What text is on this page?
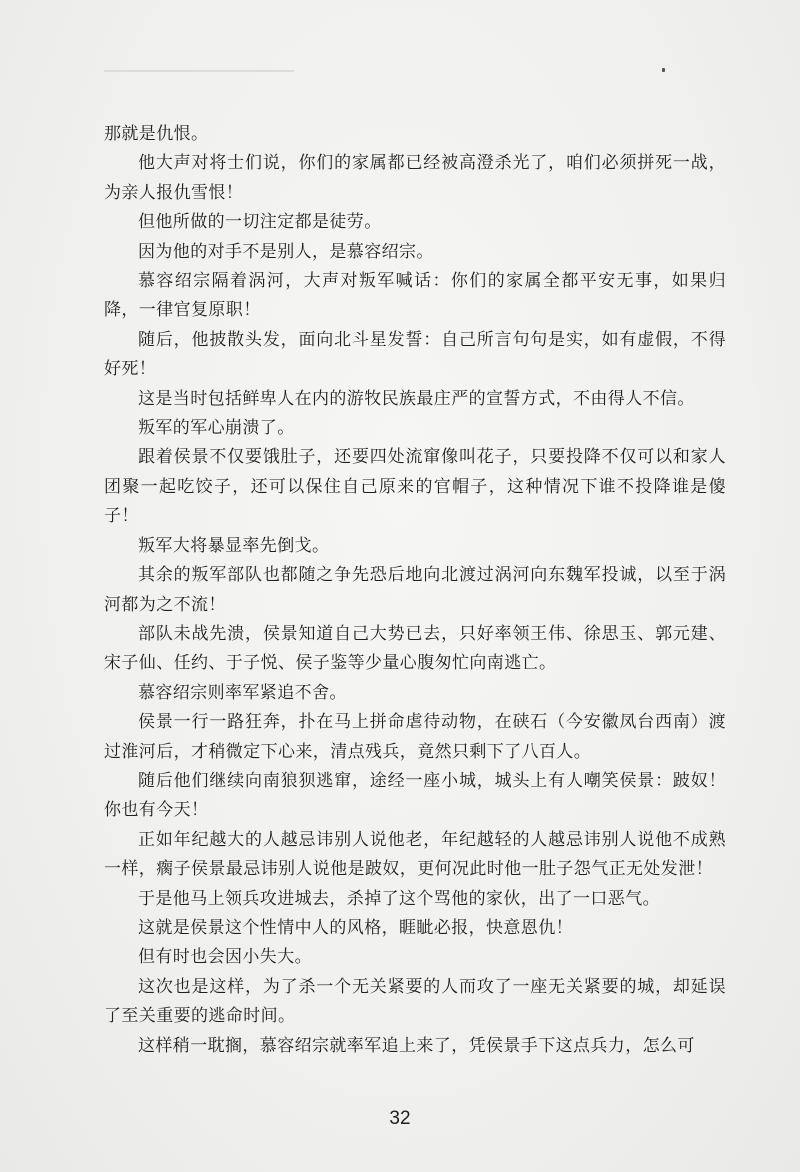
那就是仇恨。

他大声对将士们说，你们的家属都已经被高澄杀光了，咱们必须拼死一战，为亲人报仇雪恨！

但他所做的一切注定都是徒劳。

因为他的对手不是别人，是慕容绍宗。

慕容绍宗隔着涡河，大声对叛军喊话：你们的家属全都平安无事，如果归降，一律官复原职！

随后，他披散头发，面向北斗星发誓：自己所言句句是实，如有虚假，不得好死！

这是当时包括鲜卑人在内的游牧民族最庄严的宣誓方式，不由得人不信。

叛军的军心崩溃了。

跟着侯景不仅要饿肚子，还要四处流窜像叫花子，只要投降不仅可以和家人团聚一起吃饺子，还可以保住自己原来的官帽子，这种情况下谁不投降谁是傻子！

叛军大将暴显率先倒戈。

其余的叛军部队也都随之争先恐后地向北渡过涡河向东魏军投诚，以至于涡河都为之不流！

部队未战先溃，侯景知道自己大势已去，只好率领王伟、徐思玉、郭元建、宋子仙、任约、于子悦、侯子鉴等少量心腹匆忙向南逃亡。

慕容绍宗则率军紧追不舍。

侯景一行一路狂奔，扑在马上拼命虐待动物，在硖石（今安徽凤台西南）渡过淮河后，才稍微定下心来，清点残兵，竟然只剩下了八百人。

随后他们继续向南狼狈逃窜，途经一座小城，城头上有人嘲笑侯景：跛奴！你也有今天！

正如年纪越大的人越忌讳别人说他老，年纪越轻的人越忌讳别人说他不成熟一样，瘸子侯景最忌讳别人说他是跛奴，更何况此时他一肚子怨气正无处发泄！

于是他马上领兵攻进城去，杀掉了这个骂他的家伙，出了一口恶气。

这就是侯景这个性情中人的风格，睚眦必报，快意恩仇！

但有时也会因小失大。

这次也是这样，为了杀一个无关紧要的人而攻了一座无关紧要的城，却延误了至关重要的逃命时间。

这样稍一耽搁，慕容绍宗就率军追上来了，凭侯景手下这点兵力，怎么可

32
